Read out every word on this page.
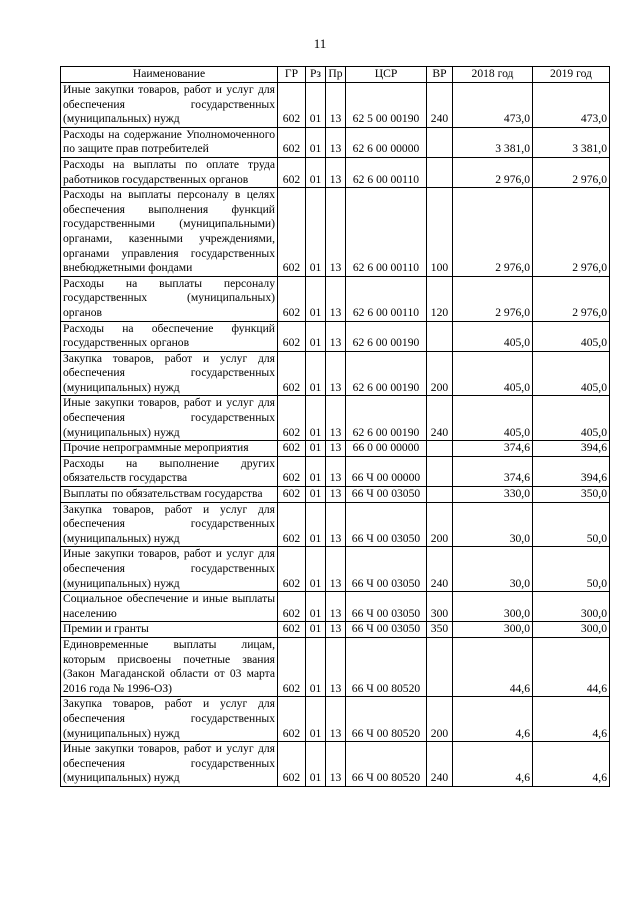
11
Наименование	ГР	Рз	Пр	ЦСР	ВР	2018 год	2019 год
Иные закупки товаров, работ и услуг для обеспечения государственных (муниципальных) нужд	602	01	13	62 5 00 00190	240	473,0	473,0
Расходы на содержание Уполномоченного по защите прав потребителей	602	01	13	62 6 00 00000		3 381,0	3 381,0
Расходы на выплаты по оплате труда работников государственных органов	602	01	13	62 6 00 00110		2 976,0	2 976,0
Расходы на выплаты персоналу в целях обеспечения выполнения функций государственными (муниципальными) органами, казенными учреждениями, органами управления государственных внебюджетными фондами	602	01	13	62 6 00 00110	100	2 976,0	2 976,0
Расходы на выплаты персоналу государственных (муниципальных) органов	602	01	13	62 6 00 00110	120	2 976,0	2 976,0
Расходы на обеспечение функций государственных органов	602	01	13	62 6 00 00190		405,0	405,0
Закупка товаров, работ и услуг для обеспечения государственных (муниципальных) нужд	602	01	13	62 6 00 00190	200	405,0	405,0
Иные закупки товаров, работ и услуг для обеспечения государственных (муниципальных) нужд	602	01	13	62 6 00 00190	240	405,0	405,0
Прочие непрограммные мероприятия	602	01	13	66 0 00 00000		374,6	394,6
Расходы на выполнение других обязательств государства	602	01	13	66 Ч 00 00000		374,6	394,6
Выплаты по обязательствам государства	602	01	13	66 Ч 00 03050		330,0	350,0
Закупка товаров, работ и услуг для обеспечения государственных (муниципальных) нужд	602	01	13	66 Ч 00 03050	200	30,0	50,0
Иные закупки товаров, работ и услуг для обеспечения государственных (муниципальных) нужд	602	01	13	66 Ч 00 03050	240	30,0	50,0
Социальное обеспечение и иные выплаты населению	602	01	13	66 Ч 00 03050	300	300,0	300,0
Премии и гранты	602	01	13	66 Ч 00 03050	350	300,0	300,0
Единовременные выплаты лицам, которым присвоены почетные звания (Закон Магаданской области от 03 марта 2016 года № 1996-ОЗ)	602	01	13	66 Ч 00 80520		44,6	44,6
Закупка товаров, работ и услуг для обеспечения государственных (муниципальных) нужд	602	01	13	66 Ч 00 80520	200	4,6	4,6
Иные закупки товаров, работ и услуг для обеспечения государственных (муниципальных) нужд	602	01	13	66 Ч 00 80520	240	4,6	4,6
